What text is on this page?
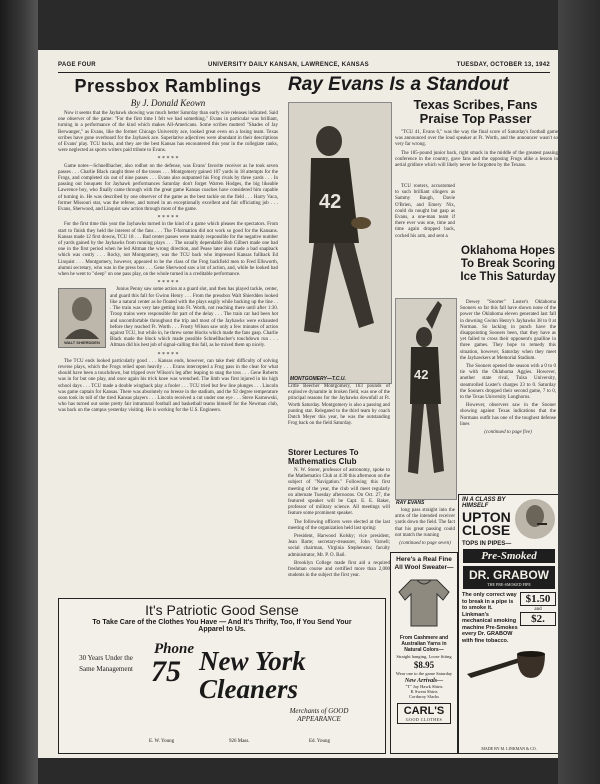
PAGE FOUR	UNIVERSITY DAILY KANSAN, LAWRENCE, KANSAS	TUESDAY, OCTOBER 13, 1942
Pressbox Ramblings
By J. Donald Keown

Now it seems that the Jayhawk showing was much better Saturday than early wire releases indicated. Said one observer of the game: "For the first time I felt we had something." Evans in particular was brilliant, turning in a performance of the kind which makes All-Americans. Some scribes mutterd "Shades of Jay Berwanger," as Evans, like the former Chicago University ace, looked great even on a losing team. Texas scribes have gone overboard for the Jayhawk ace. Superlative adjectives were abundant in their descriptions of Evans' play. TCU backs, and they are the best Kansas has encountered this year in the collegiate ranks, were neglected as sports writers paid tribute to Evans.

* * * * *

Game notes—Schnellbacher, also rodhot on the defense, was Evans' favorite receiver as he took seven passes . . . Charlie Black caught three of the tosses . . . Montgomery gained 107 yards in 18 attempts for the Frogs, and completed six out of nine passes . . . Evans also outpunted his Frog rivals by three yards . . . In passing out bouquets for Jayhawk performances Saturday don't forget Warren Hodges, the big likeable Lawrence boy, who finally came through with the great game Kansas coaches have considered him capable of turning in. He was described by one observer of the game as the best tackle on the field . . . Harry Vaca, former Missouri star, was the referee, and turned in an exceptionally excellent and fair officiating job . . . Evans, Sherwood, and Linquist saw action through most of the game.

* * * * *

For the first time this year the Jayhawks turned in the kind of a game which pleases the spectators. From start to finish they held the interest of the fans . . . The T-formation did not work so good for the Kansans. Kansas made 12 first downs, TCU 18 . . . Bad center passes were mainly responsible for the negative number of yards gained by the Jayhawks from running plays . . . The usually dependable Bob Gilbert made one bad one in the first period when he led Altman the wrong direction, and Pease later also made a bad snapback which was costly . . . Rocky, not Montgomery, was the TCU back who impressed Kansas fullback Ed Linquist . . . Montgomery, however, appeared to be the class of the Frog backfield men to Fred Ellsworth, alumni secretary, who was in the press box . . . Gene Sherwood saw a lot of action, and, while he looked bad when he went to "sleep" on one pass play, on the whole turned in a creditable performance.

* * * * *
WALT SHIERDDEN

Junius Penny saw some action at a guard slot, and then has played tackle, center, and guard this fall for Gwinn Henry . . . From the pressbox Walt Shierdden looked like a natural center as he floated with the plays eagily while backing up the line . . . The train was very late getting into Ft. Worth, not reaching there until after 1:30. Troop trains were responsible for part of the delay . . . The train car had been hot and uncomfortable throughout the trip and most of the Jayhawks were exhausted before they reached Ft. Worth . . . Frosty Wilson saw only a few minutes of action against TCU, but while in, he threw some blocks which made the fans gasp. Charlie Black made the block which made possible Schnellbacher's touchdown run . . . Altman did his best job of signal-calling this fall, as he mixed them up nicely.

* * * * *

The TCU ends looked particularly good . . . Kansas ends, however, can take their difficulty of solving reverse plays, which the Frogs relied upon heavily . . . Evans intercepted a Frog pass in the clear for what should have been a touchdown, but tripped over Wilson's leg after leaping to snag the toss . . . Gene Roberts was in for but one play, and once again his trick knee was wrenched. The limb was first injured in his high school days . . . TCU made a double wingback play a fooler . . . TCU tried but few line plunges . . . Lincoln was game captain for Kansas. There was absolutely no breeze in the stadium, and the 92 degree temperature soon took its toll of the tired Kansas players . . . Lincoln received a cut under one eye . . . Steve Karnowski, who has turned out some pretty fair intramural football and basketball teams himself for the Newman club, was back on the campus yesterday visiting. He is working for the U.S. Engineers.

Ray Evans Is a Standout
42
MONTGOMERY—T.C.U.
Little Beecher Montgomery, 163 pounds of explosive dynamite in broken field, was one of the principal reasons for the Jayhawks downfall at Ft. Worth Saturday. Montgomery is also a passing and punting star. Relegated to the third team by coach Dutch Meyer this year, he was the outstanding Frog back on the field Saturday.
Texas Scribes, Fans Praise Top Passer

"TCU 41, Evans 6," was the way the final score of Saturday's football game was announced over the loud speaker at Ft. Worth, and the announcer wasn't so very far wrong.

The 185-pound junior back, right smack in the middle of the greatest passing conference in the country, gave fans and the opposing Frogs alike a lesson in aerial gridlore which will likely never be forgotten by the Texans.

TCU rooters, accustomed to such brilliant slingers as Sammy Baugh, Davie O'Brien, and Emery Nix, could do nought but gasp as Evans, a one-man team if there ever was one, time and time again dropped back, cocked his arm, and sent a

42
RAY EVANS

long pass straight into the arms of the intended receiver yards down the field. The fact that his great passing could not match the running

(continued to page seven)
Oklahoma Hopes To Break Scoring Ice This Saturday

Dewey "Snorter" Luster's Oklahoma Sooners so far this fall have shown none of the power the Oklahoma eleven generated last fall in downing Gwinn Henry's Jayhawks 38 to 0 at Norman. So lacking in punch have the disappointing Sooners been, that they have as yet failed to cross their opponent's goalline in three games. They hope to remedy this situation, however, Saturday when they meet the Jayhawkers at Memorial Stadium.

The Sooners opened the season with a 0 to 0 tie with the Oklahoma Aggies. However, another state rival, Tulsa University, steamrolled Luster's charges 23 to 0. Saturday the Sooners dropped their second game, 7 to 0, to the Texas University Longhorns.

However, observers saw in the Sooner showing against Texas indications that the Normans outfit has one of the toughest defense lines

(continued to page five)
Storer Lectures To Mathematics Club

N. W. Storer, professor of astronomy, spoke to the Mathematics Club at 4:30 this afternoon on the subject of "Navigation." Following this first meeting of the year, the club will meet regularly on alternate Tuesday afternoons. On Oct. 27, the featured speaker will be Capt. E. E. Baker, professor of military science. All meetings will feature some prominent speaker.

The following officers were elected at the last meeting of the organization held last spring:

President, Harwood Kolsky; vice president, Jean Barte; secretary-treasurer, John Varnell; social chairman, Virginia Stephenson; faculty administrator, Mr. P. O. Bail.

Brooklyn College made first aid a required freshman course and certified more than 2,000 students in the subject the first year.

Here's a Real Fine All Wool Sweater—
From Cashmere and Australian Yarns in Natural Colors—
Straight hanging, Loose fitting
$8.95
Wear one to the game Saturday
New Arrivals—
"T" Jay Hawk Shirts
K Sweat Shirts
Corduroy Slacks
CARL'S
GOOD CLOTHES
IN A CLASS BY HIMSELF
UPTON CLOSE
TOPS IN PIPES—
Pre-Smoked
DR. GRABOW
THE PRE-SMOKED PIPE
The only correct way to break in a pipe is to smoke it. Linkman's mechanical smoking machine Pre-Smokes every Dr. GRABOW with fine tobacco.
$1.50
and
$2.
MADE BY M. LINKMAN & CO.
It's Patriotic Good Sense
To Take Care of the Clothes You Have — And It's Thrifty, Too, If You Send Your Apparel to Us.
30 Years Under the Same Management
Phone
75 New York Cleaners
Merchants of GOOD APPEARANCE
E. W. Young	926 Mass.	Ed. Young
